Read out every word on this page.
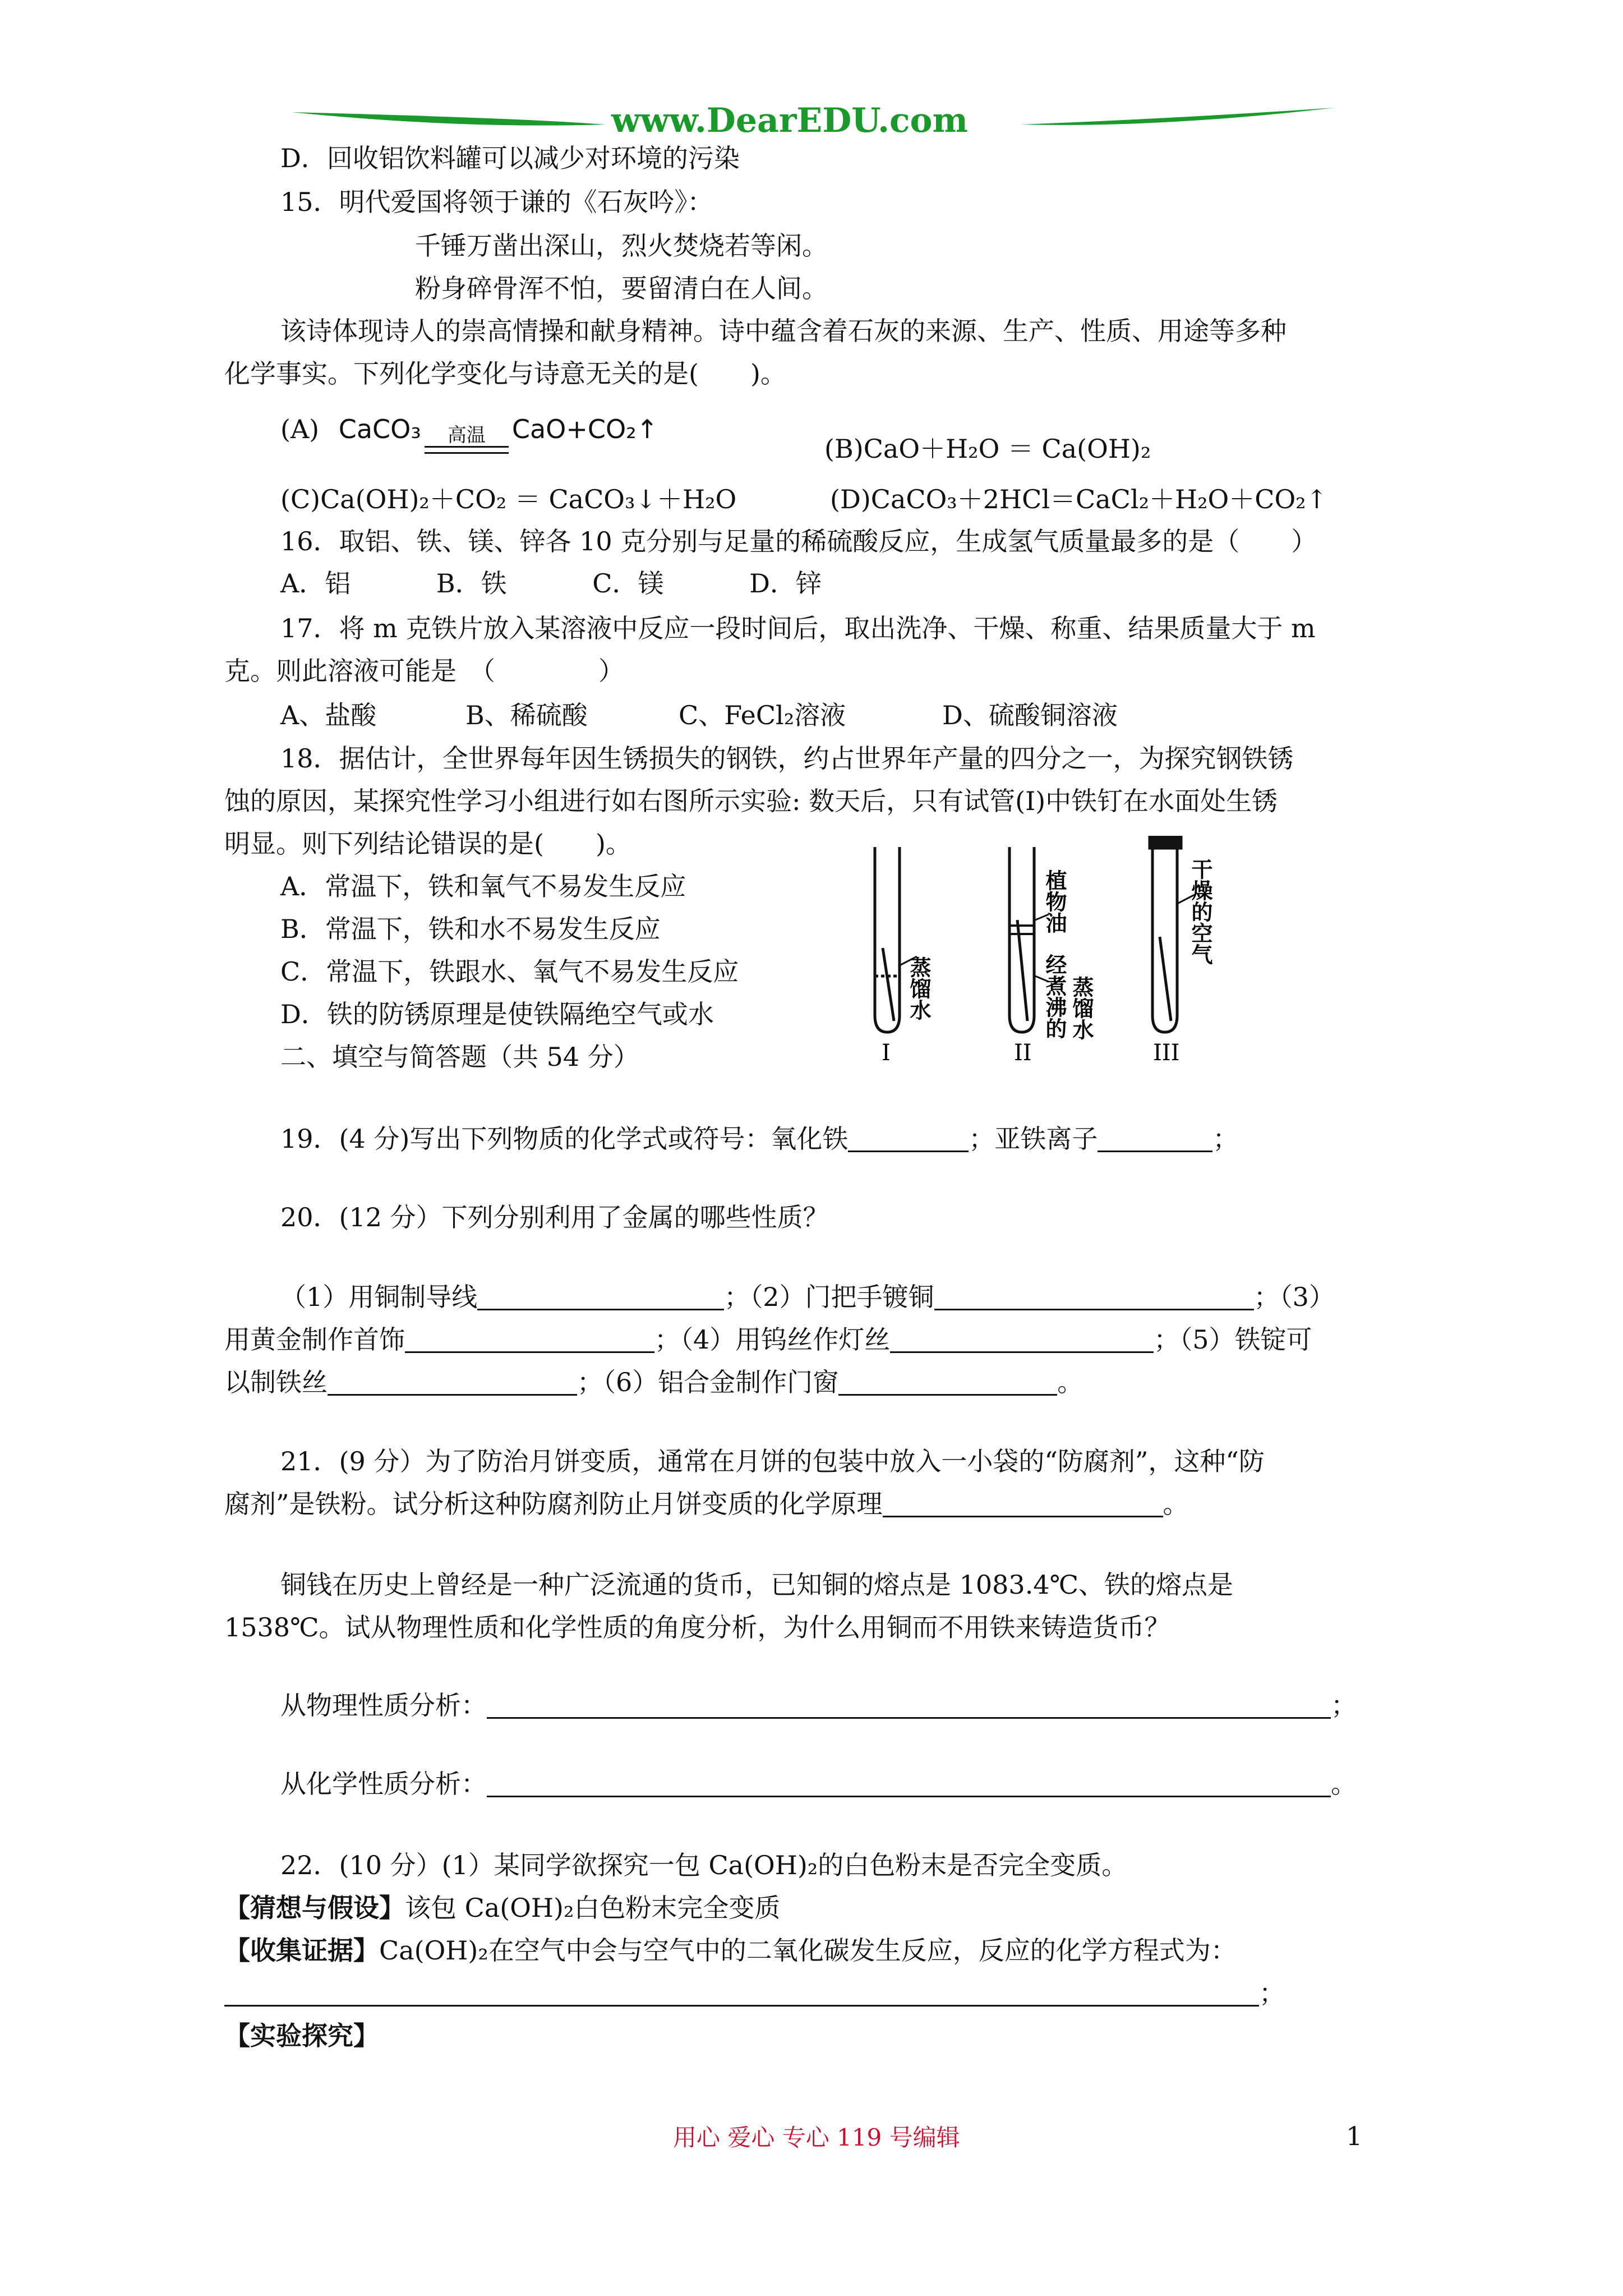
www.DearEDU.com
D．回收铝饮料罐可以减少对环境的污染
15．明代爱国将领于谦的《石灰吟》：
千锤万凿出深山，烈火焚烧若等闲。
粉身碎骨浑不怕，要留清白在人间。
该诗体现诗人的崇高情操和献身精神。诗中蕴含着石灰的来源、生产、性质、用途等多种
化学事实。下列化学变化与诗意无关的是(　　)。
(A) CaCO₃	高温	CaO+CO₂↑
(B)CaO＋H₂O ＝ Ca(OH)₂
(C)Ca(OH)₂＋CO₂ ＝ CaCO₃↓＋H₂O	(D)CaCO₃＋2HCl＝CaCl₂＋H₂O＋CO₂↑
16．取铝、铁、镁、锌各 10 克分别与足量的稀硫酸反应，生成氢气质量最多的是（　　）
A．铝　　　 B．铁　　　 C．镁　　　 D．锌
17．将 m 克铁片放入某溶液中反应一段时间后，取出洗净、干燥、称重、结果质量大于 m
克。则此溶液可能是　（　　　　）
A、盐酸	B、稀硫酸	C、FeCl₂溶液	D、硫酸铜溶液
18．据估计，全世界每年因生锈损失的钢铁，约占世界年产量的四分之一，为探究钢铁锈
蚀的原因，某探究性学习小组进行如右图所示实验: 数天后，只有试管(I)中铁钉在水面处生锈
明显。则下列结论错误的是(　　)。
A．常温下，铁和氧气不易发生反应
B．常温下，铁和水不易发生反应
C．常温下，铁跟水、氧气不易发生反应
D．铁的防锈原理是使铁隔绝空气或水
二、填空与简答题（共 54 分）
蒸馏水
植物油
经煮沸的 蒸馏水
干燥的空气
I	II	III
19．(4 分)写出下列物质的化学式或符号：氧化铁	；亚铁离子	；
20．(12 分）下列分别利用了金属的哪些性质？
（1）用铜制导线	；（2）门把手镀铜	；（3）
用黄金制作首饰	；（4）用钨丝作灯丝	；（5）铁锭可
以制铁丝	；（6）铝合金制作门窗	。
21．(9 分）为了防治月饼变质，通常在月饼的包装中放入一小袋的“防腐剂”，这种“防
腐剂”是铁粉。试分析这种防腐剂防止月饼变质的化学原理	。
铜钱在历史上曾经是一种广泛流通的货币，已知铜的熔点是 1083.4℃、铁的熔点是
1538℃。试从物理性质和化学性质的角度分析，为什么用铜而不用铁来铸造货币？
从物理性质分析：	；
从化学性质分析：	。
22．(10 分）(1）某同学欲探究一包 Ca(OH)₂的白色粉末是否完全变质。
【猜想与假设】该包 Ca(OH)₂白色粉末完全变质
【收集证据】Ca(OH)₂在空气中会与空气中的二氧化碳发生反应，反应的化学方程式为：
；
【实验探究】
用心 爱心 专心 119 号编辑	1
